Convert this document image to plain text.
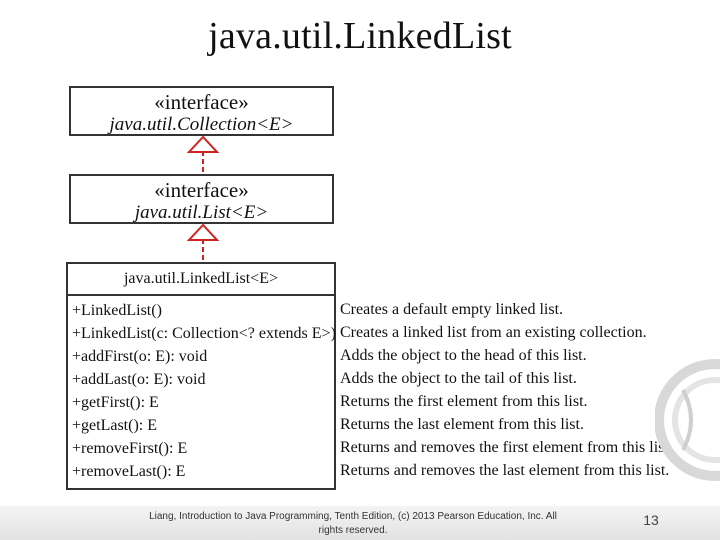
java.util.LinkedList
«interface»
java.util.Collection<E>
«interface»
java.util.List<E>
java.util.LinkedList<E>
+LinkedList()
+LinkedList(c: Collection<? extends E>)
+addFirst(o: E): void
+addLast(o: E): void
+getFirst(): E
+getLast(): E
+removeFirst(): E
+removeLast(): E
Creates a default empty linked list.
Creates a linked list from an existing collection.
Adds the object to the head of this list.
Adds the object to the tail of this list.
Returns the first element from this list.
Returns the last element from this list.
Returns and removes the first element from this list.
Returns and removes the last element from this list.
Liang, Introduction to Java Programming, Tenth Edition, (c) 2013 Pearson Education, Inc. All rights reserved.
13
